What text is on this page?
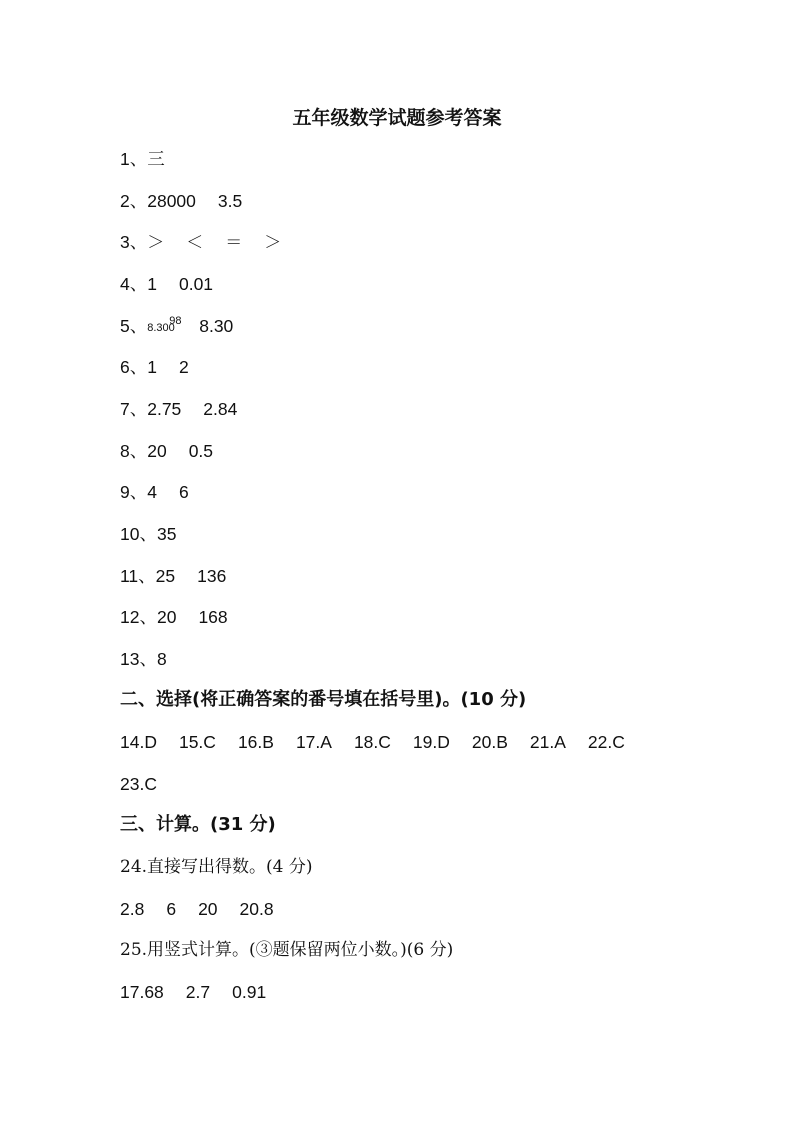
五年级数学试题参考答案
1、三
2、28000 3.5
3、＞ ＜ ＝ ＞
4、1 0.01
5、8.300
98 8.30
6、1 2
7、2.75 2.84
8、20 0.5
9、4 6
10、35
11、25 136
12、20 168
13、8
二、选择(将正确答案的番号填在括号里)。(10 分)
14.D 15.C 16.B 17.A 18.C 19.D 20.B 21.A 22.C
23.C
三、计算。(31 分)
24.直接写出得数。(4 分)
2.8 6 20 20.8
25.用竖式计算。(③题保留两位小数。)(6 分)
17.68 2.7 0.91
